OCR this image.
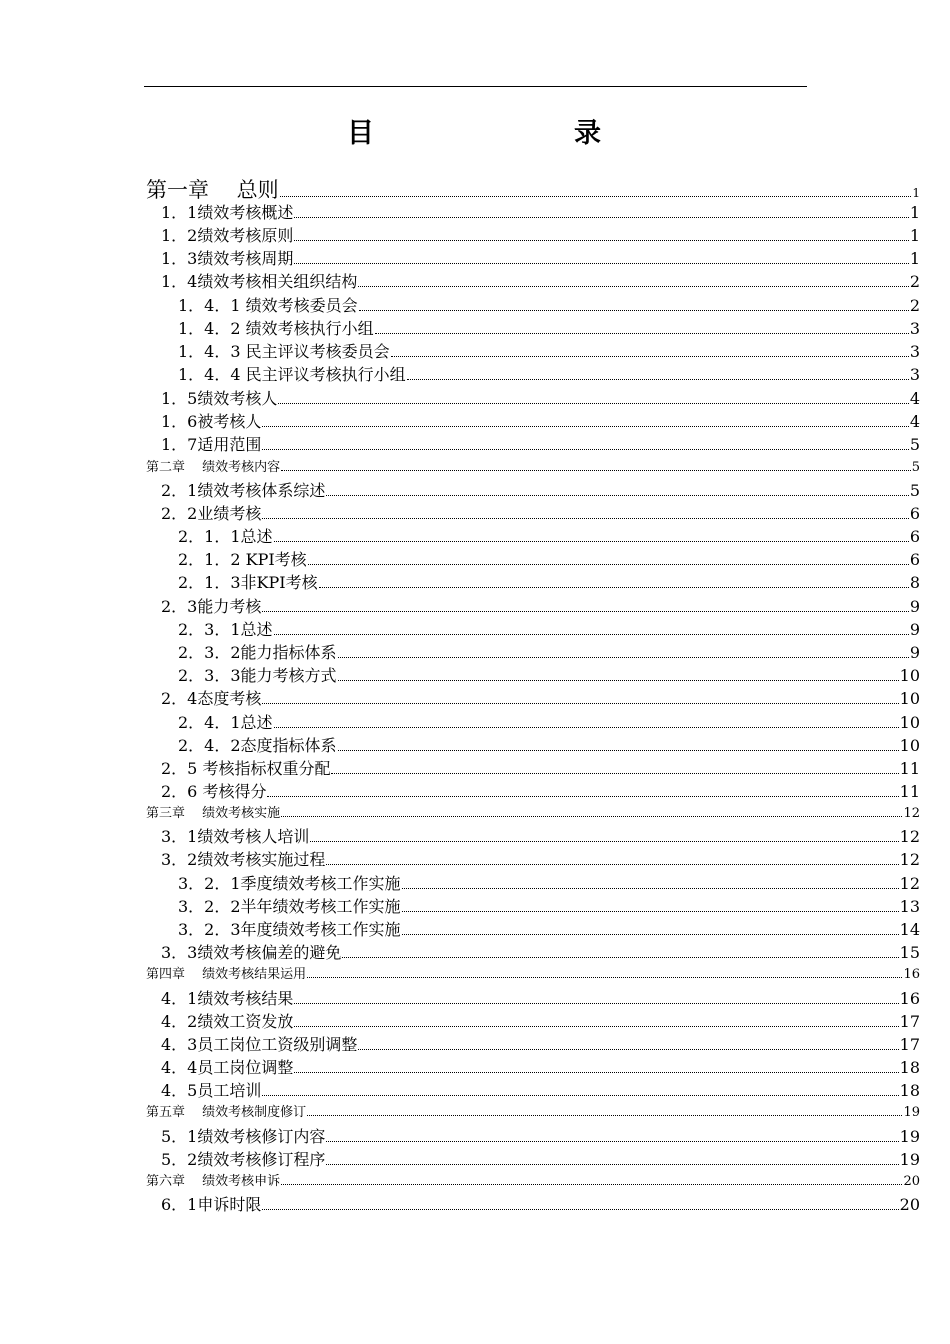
目	录
第一章　 总则	1
1．1绩效考核概述	1
1．2绩效考核原则	1
1．3绩效考核周期	1
1．4绩效考核相关组织结构	2
1．4．1 绩效考核委员会	2
1．4．2 绩效考核执行小组	3
1．4．3 民主评议考核委员会	3
1．4．4 民主评议考核执行小组	3
1．5绩效考核人	4
1．6被考核人	4
1．7适用范围	5
第二章　 绩效考核内容	5
2．1绩效考核体系综述	5
2．2业绩考核	6
2．1．1总述	6
2．1．2 KPI考核	6
2．1．3非KPI考核	8
2．3能力考核	9
2．3．1总述	9
2．3．2能力指标体系	9
2．3．3能力考核方式	10
2．4态度考核	10
2．4．1总述	10
2．4．2态度指标体系	10
2．5 考核指标权重分配	11
2．6 考核得分	11
第三章　 绩效考核实施	12
3．1绩效考核人培训	12
3．2绩效考核实施过程	12
3．2．1季度绩效考核工作实施	12
3．2．2半年绩效考核工作实施	13
3．2．3年度绩效考核工作实施	14
3．3绩效考核偏差的避免	15
第四章　 绩效考核结果运用	16
4．1绩效考核结果	16
4．2绩效工资发放	17
4．3员工岗位工资级别调整	17
4．4员工岗位调整	18
4．5员工培训	18
第五章　 绩效考核制度修订	19
5．1绩效考核修订内容	19
5．2绩效考核修订程序	19
第六章　 绩效考核申诉	20
6．1申诉时限	20
